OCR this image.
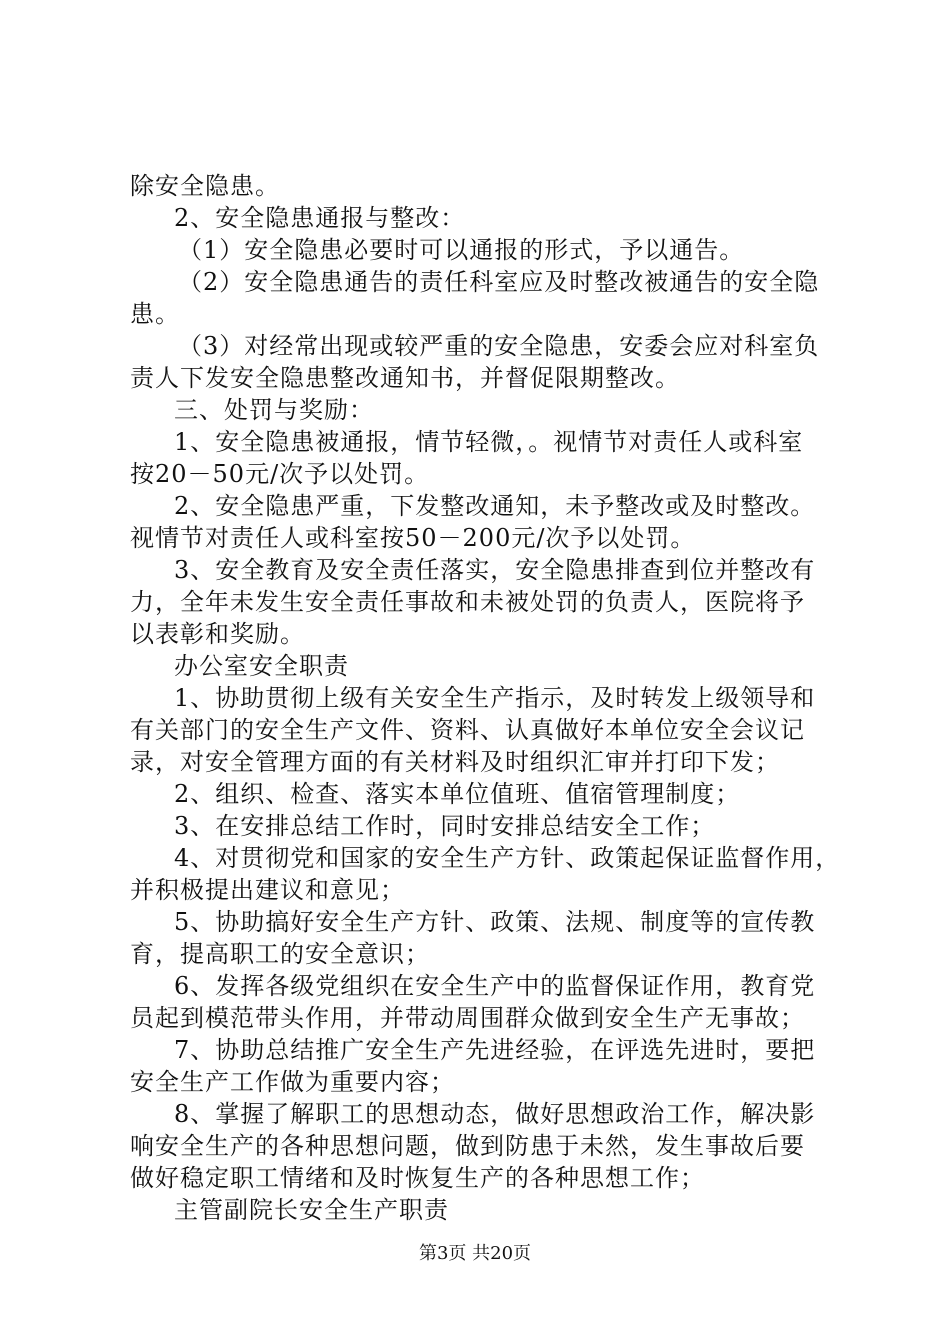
除安全隐患。
2、安全隐患通报与整改：
（1）安全隐患必要时可以通报的形式，予以通告。
（2）安全隐患通告的责任科室应及时整改被通告的安全隐
患。
（3）对经常出现或较严重的安全隐患，安委会应对科室负
责人下发安全隐患整改通知书，并督促限期整改。
三、处罚与奖励：
1、安全隐患被通报，情节轻微，。视情节对责任人或科室
按20－50元/次予以处罚。
2、安全隐患严重，下发整改通知，未予整改或及时整改。
视情节对责任人或科室按50－200元/次予以处罚。
3、安全教育及安全责任落实，安全隐患排查到位并整改有
力，全年未发生安全责任事故和未被处罚的负责人，医院将予
以表彰和奖励。
办公室安全职责
1、协助贯彻上级有关安全生产指示，及时转发上级领导和
有关部门的安全生产文件、资料、认真做好本单位安全会议记
录，对安全管理方面的有关材料及时组织汇审并打印下发；
2、组织、检查、落实本单位值班、值宿管理制度；
3、在安排总结工作时，同时安排总结安全工作；
4、对贯彻党和国家的安全生产方针、政策起保证监督作用，
并积极提出建议和意见；
5、协助搞好安全生产方针、政策、法规、制度等的宣传教
育，提高职工的安全意识；
6、发挥各级党组织在安全生产中的监督保证作用，教育党
员起到模范带头作用，并带动周围群众做到安全生产无事故；
7、协助总结推广安全生产先进经验，在评选先进时，要把
安全生产工作做为重要内容；
8、掌握了解职工的思想动态，做好思想政治工作，解决影
响安全生产的各种思想问题，做到防患于未然，发生事故后要
做好稳定职工情绪和及时恢复生产的各种思想工作；
主管副院长安全生产职责
第3页 共20页
